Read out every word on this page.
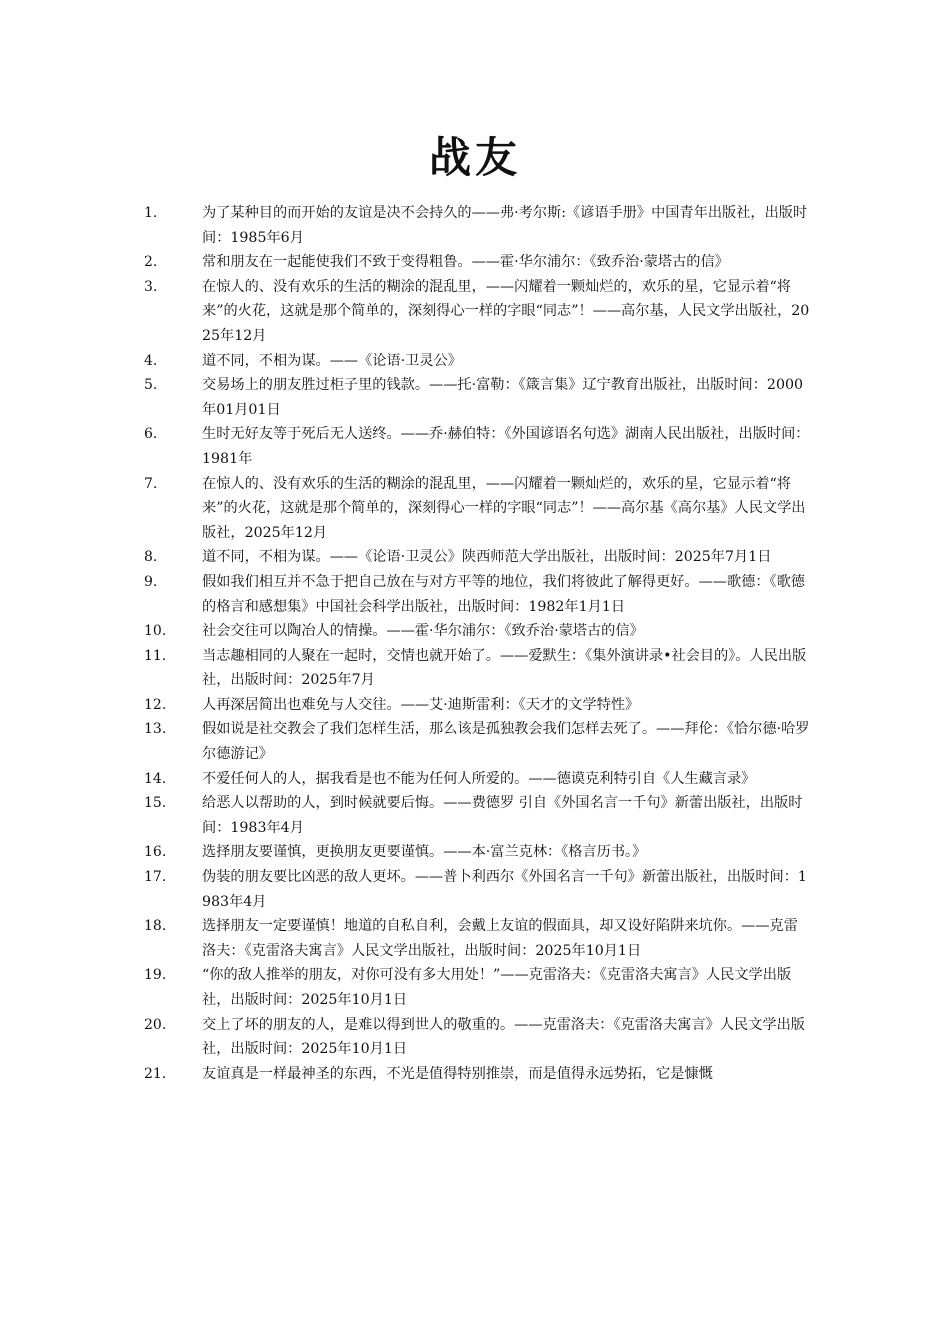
战友
1.	为了某种目的而开始的友谊是决不会持久的——弗·考尔斯:《谚语手册》中国青年出版社，出版时间：1985年6月
2.	常和朋友在一起能使我们不致于变得粗鲁。——霍·华尔浦尔：《致乔治·蒙塔古的信》
3.	在惊人的、没有欢乐的生活的糊涂的混乱里，——闪耀着一颗灿烂的，欢乐的星，它显示着“将来”的火花，这就是那个简单的，深刻得心一样的字眼“同志”！——高尔基，人民文学出版社，2025年12月
4.	道不同，不相为谋。——《论语·卫灵公》
5.	交易场上的朋友胜过柜子里的钱款。——托·富勒：《箴言集》辽宁教育出版社，出版时间：2000年01月01日
6.	生时无好友等于死后无人送终。——乔·赫伯特：《外国谚语名句选》湖南人民出版社，出版时间：1981年
7.	在惊人的、没有欢乐的生活的糊涂的混乱里，——闪耀着一颗灿烂的，欢乐的星，它显示着“将来”的火花，这就是那个简单的，深刻得心一样的字眼“同志”！——高尔基《高尔基》人民文学出版社，2025年12月
8.	道不同，不相为谋。——《论语·卫灵公》陕西师范大学出版社，出版时间：2025年7月1日
9.	假如我们相互并不急于把自己放在与对方平等的地位，我们将彼此了解得更好。——歌德：《歌德的格言和感想集》中国社会科学出版社，出版时间：1982年1月1日
10.	社会交往可以陶冶人的情操。——霍·华尔浦尔：《致乔治·蒙塔古的信》
11.	当志趣相同的人聚在一起时，交情也就开始了。——爱默生：《集外演讲录•社会目的》。人民出版社，出版时间：2025年7月
12.	人再深居简出也难免与人交往。——艾·迪斯雷利：《天才的文学特性》
13.	假如说是社交教会了我们怎样生活，那么该是孤独教会我们怎样去死了。——拜伦：《恰尔德·哈罗尔德游记》
14.	不爱任何人的人，据我看是也不能为任何人所爱的。——德谟克利特引自《人生藏言录》
15.	给恶人以帮助的人，到时候就要后悔。——费德罗 引自《外国名言一千句》新蕾出版社，出版时间：1983年4月
16.	选择朋友要谨慎，更换朋友更要谨慎。——本·富兰克林：《格言历书。》
17.	伪装的朋友要比凶恶的敌人更坏。——普卜利西尔《外国名言一千句》新蕾出版社，出版时间：1983年4月
18.	选择朋友一定要谨慎！地道的自私自利，会戴上友谊的假面具，却又设好陷阱来坑你。——克雷洛夫：《克雷洛夫寓言》人民文学出版社，出版时间：2025年10月1日
19.	“你的敌人推举的朋友，对你可没有多大用处！”——克雷洛夫：《克雷洛夫寓言》人民文学出版社，出版时间：2025年10月1日
20.	交上了坏的朋友的人，是难以得到世人的敬重的。——克雷洛夫：《克雷洛夫寓言》人民文学出版社，出版时间：2025年10月1日
21.	友谊真是一样最神圣的东西，不光是值得特别推崇，而是值得永远势拓，它是慷慨
